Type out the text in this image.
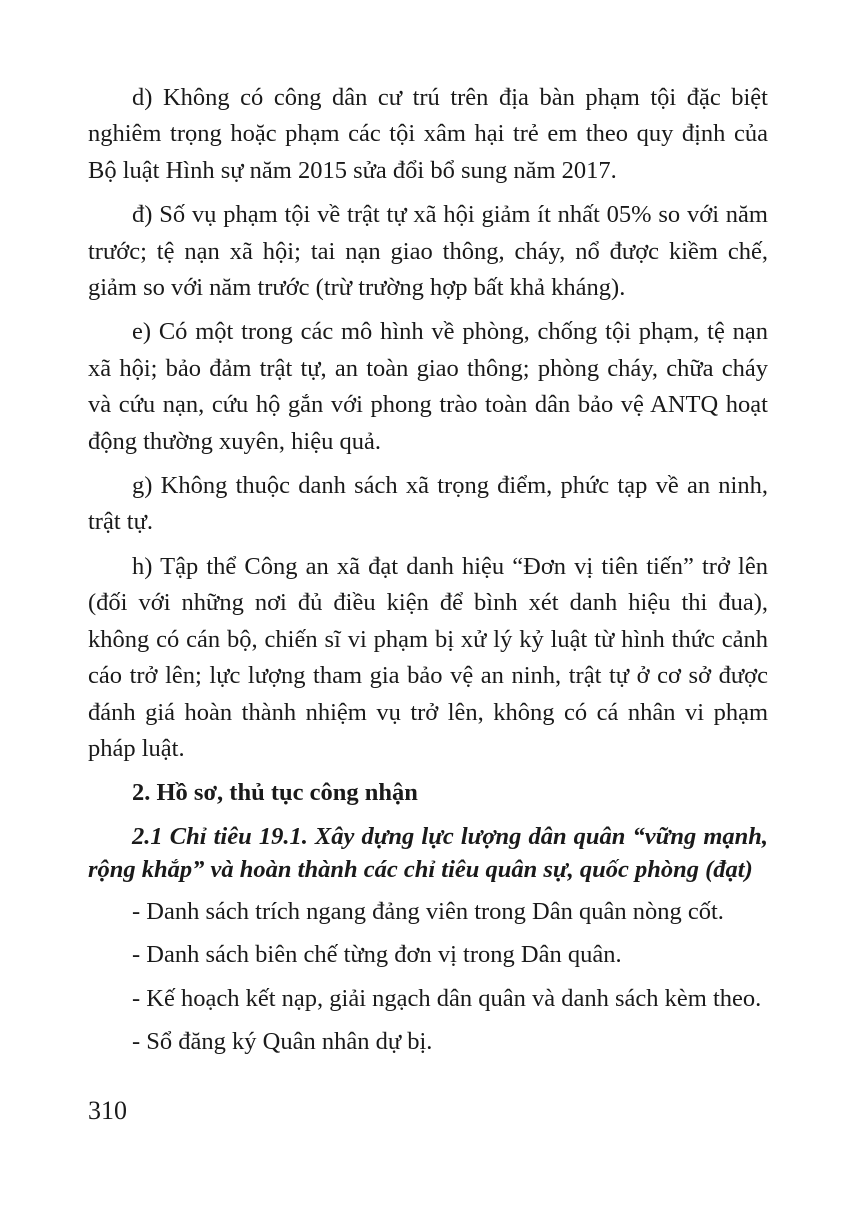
d) Không có công dân cư trú trên địa bàn phạm tội đặc biệt nghiêm trọng hoặc phạm các tội xâm hại trẻ em theo quy định của Bộ luật Hình sự năm 2015 sửa đổi bổ sung năm 2017.

đ) Số vụ phạm tội về trật tự xã hội giảm ít nhất 05% so với năm trước; tệ nạn xã hội; tai nạn giao thông, cháy, nổ được kiềm chế, giảm so với năm trước (trừ trường hợp bất khả kháng).

e) Có một trong các mô hình về phòng, chống tội phạm, tệ nạn xã hội; bảo đảm trật tự, an toàn giao thông; phòng cháy, chữa cháy và cứu nạn, cứu hộ gắn với phong trào toàn dân bảo vệ ANTQ hoạt động thường xuyên, hiệu quả.

g) Không thuộc danh sách xã trọng điểm, phức tạp về an ninh, trật tự.

h) Tập thể Công an xã đạt danh hiệu “Đơn vị tiên tiến” trở lên (đối với những nơi đủ điều kiện để bình xét danh hiệu thi đua), không có cán bộ, chiến sĩ vi phạm bị xử lý kỷ luật từ hình thức cảnh cáo trở lên; lực lượng tham gia bảo vệ an ninh, trật tự ở cơ sở được đánh giá hoàn thành nhiệm vụ trở lên, không có cá nhân vi phạm pháp luật.

2. Hồ sơ, thủ tục công nhận

2.1 Chỉ tiêu 19.1. Xây dựng lực lượng dân quân “vững mạnh, rộng khắp” và hoàn thành các chỉ tiêu quân sự, quốc phòng (đạt)

- Danh sách trích ngang đảng viên trong Dân quân nòng cốt.

- Danh sách biên chế từng đơn vị trong Dân quân.

- Kế hoạch kết nạp, giải ngạch dân quân và danh sách kèm theo.

- Sổ đăng ký Quân nhân dự bị.

310
